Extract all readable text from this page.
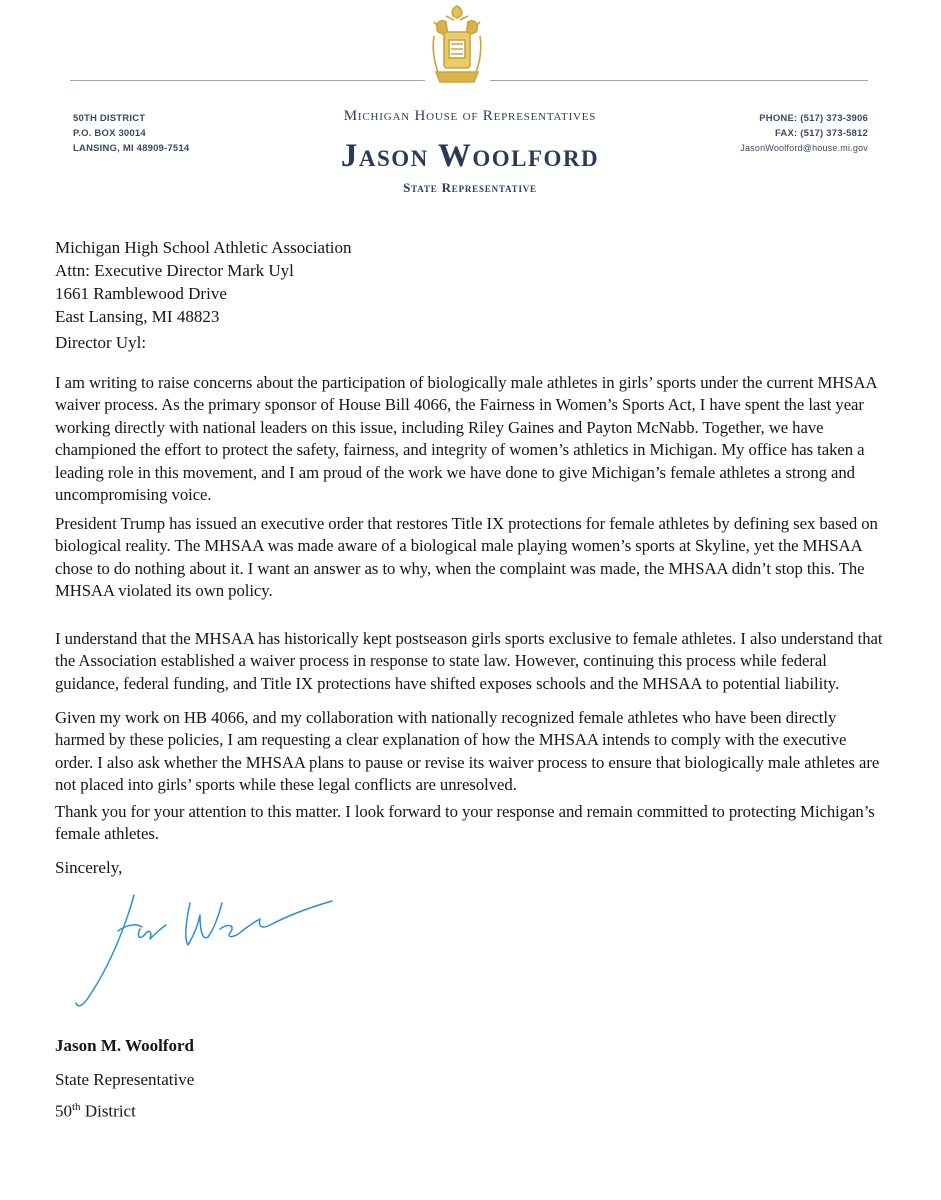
50TH DISTRICT
P.O. BOX 30014
LANSING, MI 48909-7514
Michigan House of Representatives
Jason Woolford
State Representative
PHONE: (517) 373-3906
FAX: (517) 373-5812
JasonWoolford@house.mi.gov
Michigan High School Athletic Association
Attn: Executive Director Mark Uyl
1661 Ramblewood Drive
East Lansing, MI 48823
Director Uyl:
I am writing to raise concerns about the participation of biologically male athletes in girls’ sports under the current MHSAA waiver process. As the primary sponsor of House Bill 4066, the Fairness in Women’s Sports Act, I have spent the last year working directly with national leaders on this issue, including Riley Gaines and Payton McNabb. Together, we have championed the effort to protect the safety, fairness, and integrity of women’s athletics in Michigan. My office has taken a leading role in this movement, and I am proud of the work we have done to give Michigan’s female athletes a strong and uncompromising voice.
President Trump has issued an executive order that restores Title IX protections for female athletes by defining sex based on biological reality. The MHSAA was made aware of a biological male playing women’s sports at Skyline, yet the MHSAA chose to do nothing about it. I want an answer as to why, when the complaint was made, the MHSAA didn’t stop this. The MHSAA violated its own policy.
I understand that the MHSAA has historically kept postseason girls sports exclusive to female athletes. I also understand that the Association established a waiver process in response to state law. However, continuing this process while federal guidance, federal funding, and Title IX protections have shifted exposes schools and the MHSAA to potential liability.
Given my work on HB 4066, and my collaboration with nationally recognized female athletes who have been directly harmed by these policies, I am requesting a clear explanation of how the MHSAA intends to comply with the executive order. I also ask whether the MHSAA plans to pause or revise its waiver process to ensure that biologically male athletes are not placed into girls’ sports while these legal conflicts are unresolved.
Thank you for your attention to this matter. I look forward to your response and remain committed to protecting Michigan’s female athletes.
Sincerely,
Jason M. Woolford
State Representative
50th District
